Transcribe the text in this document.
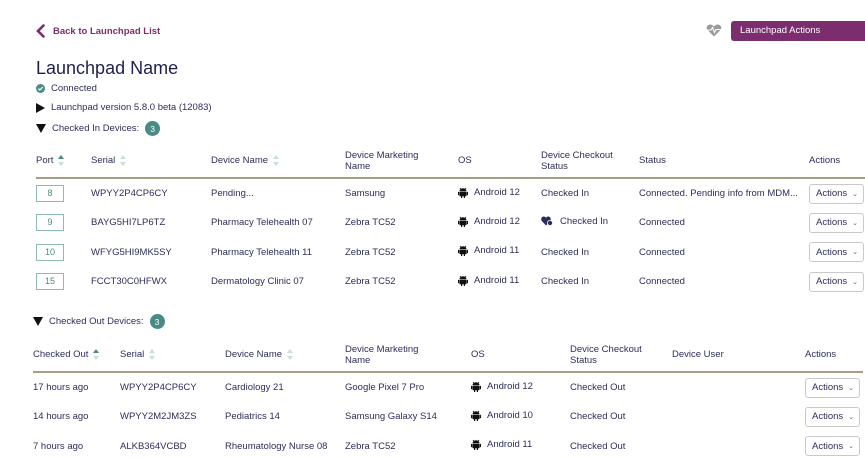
Back to Launchpad List	Launchpad Actions
Launchpad Name
Connected
Launchpad version 5.8.0 beta (12083)
Checked In Devices:	3
Port	Serial	Device Name	Device Marketing Name	OS	Device Checkout Status	Status	Actions
8	WPYY2P4CP6CY	Pending...	Samsung	Android 12	Checked In	Connected. Pending info from MDM...	Actions ⌄

9	BAYG5HI7LP6TZ	Pharmacy Telehealth 07	Zebra TC52	Android 12	Checked In	Connected	Actions ⌄

10	WFYG5HI9MK5SY	Pharmacy Telehealth 11	Zebra TC52	Android 11	Checked In	Connected	Actions ⌄

15	FCCT30C0HFWX	Dermatology Clinic 07	Zebra TC52	Android 11	Checked In	Connected	Actions ⌄
Checked Out Devices:	3
Checked Out	Serial	Device Name	Device Marketing Name	OS	Device Checkout Status	Device User	Actions
17 hours ago	WPYY2P4CP6CY	Cardiology 21	Google Pixel 7 Pro	Android 12	Checked Out		Actions ⌄

14 hours ago	WPYY2M2JM3ZS	Pediatrics 14	Samsung Galaxy S14	Android 10	Checked Out		Actions ⌄

7 hours ago	ALKB364VCBD	Rheumatology Nurse 08	Zebra TC52	Android 11	Checked Out		Actions ⌄
